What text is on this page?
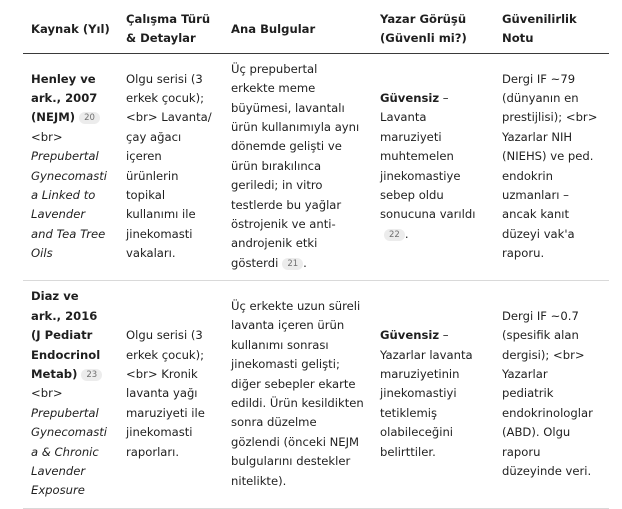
Kaynak (Yıl)	Çalışma Türü & Detaylar	Ana Bulgular	Yazar Görüşü (Güvenli mi?)	Güvenilirlik Notu
Henley ve ark., 2007 (NEJM) 20 <br> Prepubertal Gynecomastia Linked to Lavender and Tea Tree Oils	Olgu serisi (3 erkek çocuk); <br> Lavanta/ çay ağacı içeren ürünlerin topikal kullanımı ile jinekomasti vakaları.	Üç prepubertal erkekte meme büyümesi, lavantalı ürün kullanımıyla aynı dönemde gelişti ve ürün bırakılınca geriledi; in vitro testlerde bu yağlar östrojenik ve anti-androjenik etki gösterdi 21 .	Güvensiz – Lavanta maruziyeti muhtemelen jinekomastiye sebep oldu sonucuna varıldı 22 .	Dergi IF ~79 (dünyanın en prestijlisi); <br> Yazarlar NIH (NIEHS) ve ped. endokrin uzmanları – ancak kanıt düzeyi vak'a raporu.
Diaz ve ark., 2016 (J Pediatr Endocrinol Metab) 23 <br> Prepubertal Gynecomastia & Chronic Lavender Exposure	Olgu serisi (3 erkek çocuk); <br> Kronik lavanta yağı maruziyeti ile jinekomasti raporları.	Üç erkekte uzun süreli lavanta içeren ürün kullanımı sonrası jinekomasti gelişti; diğer sebepler ekarte edildi. Ürün kesildikten sonra düzelme gözlendi (önceki NEJM bulgularını destekler nitelikte).	Güvensiz – Yazarlar lavanta maruziyetinin jinekomastiyi tetiklemiş olabileceğini belirttiler.	Dergi IF ~0.7 (spesifik alan dergisi); <br> Yazarlar pediatrik endokrinologlar (ABD). Olgu raporu düzeyinde veri.
